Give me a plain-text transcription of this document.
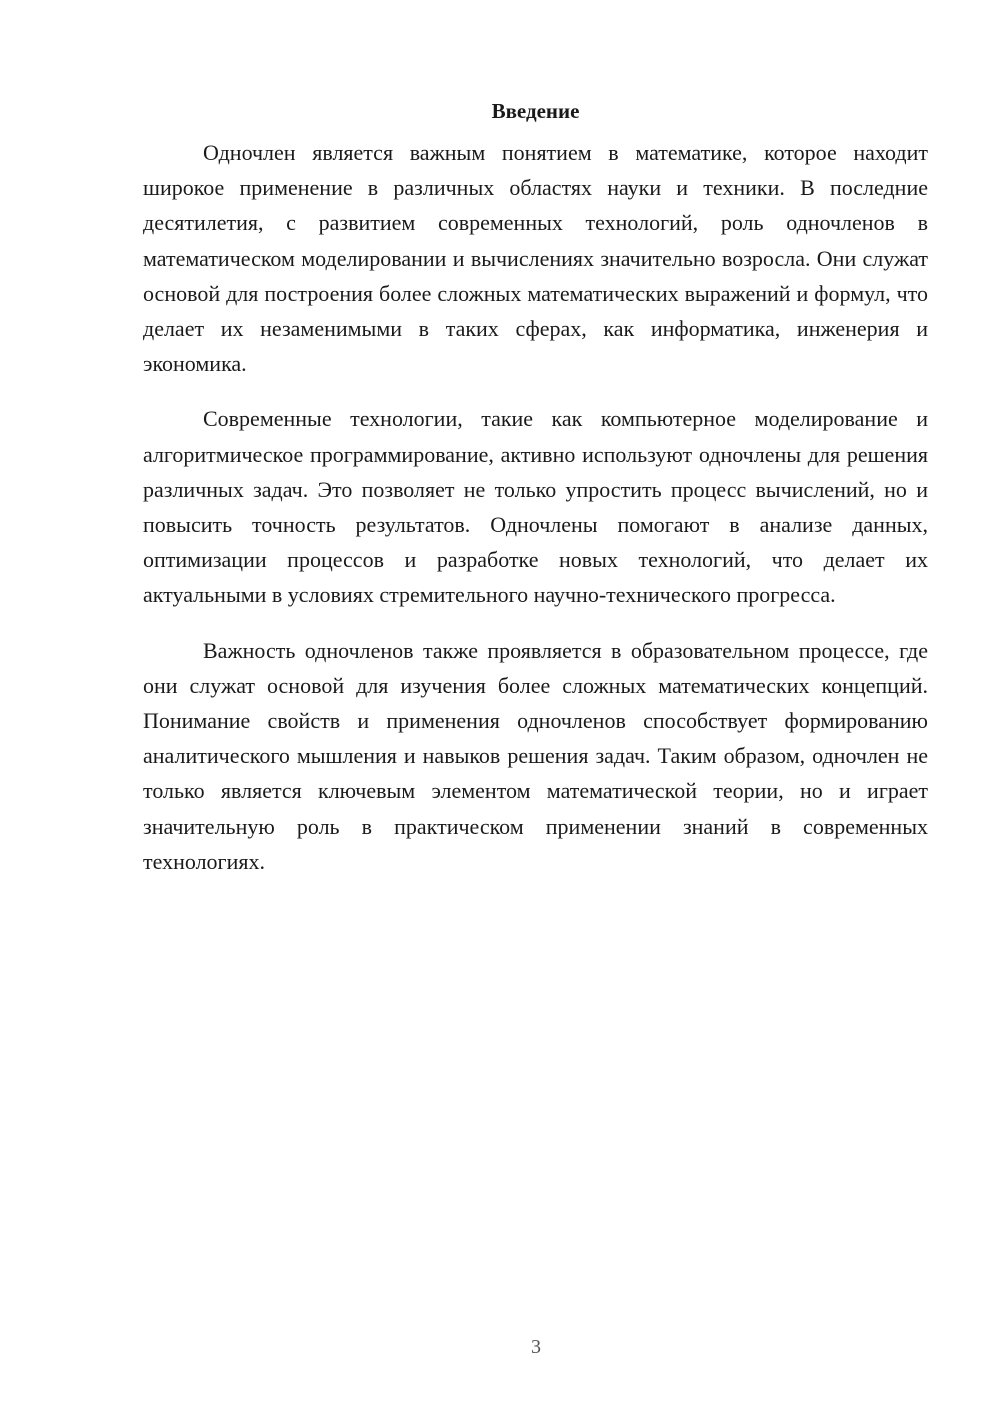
Введение

Одночлен является важным понятием в математике, которое находит широкое применение в различных областях науки и техники. В последние десятилетия, с развитием современных технологий, роль одночленов в математическом моделировании и вычислениях значительно возросла. Они служат основой для построения более сложных математических выражений и формул, что делает их незаменимыми в таких сферах, как информатика, инженерия и экономика.

Современные технологии, такие как компьютерное моделирование и алгоритмическое программирование, активно используют одночлены для решения различных задач. Это позволяет не только упростить процесс вычислений, но и повысить точность результатов. Одночлены помогают в анализе данных, оптимизации процессов и разработке новых технологий, что делает их актуальными в условиях стремительного научно-технического прогресса.

Важность одночленов также проявляется в образовательном процессе, где они служат основой для изучения более сложных математических концепций. Понимание свойств и применения одночленов способствует формированию аналитического мышления и навыков решения задач. Таким образом, одночлен не только является ключевым элементом математической теории, но и играет значительную роль в практическом применении знаний в современных технологиях.

3
